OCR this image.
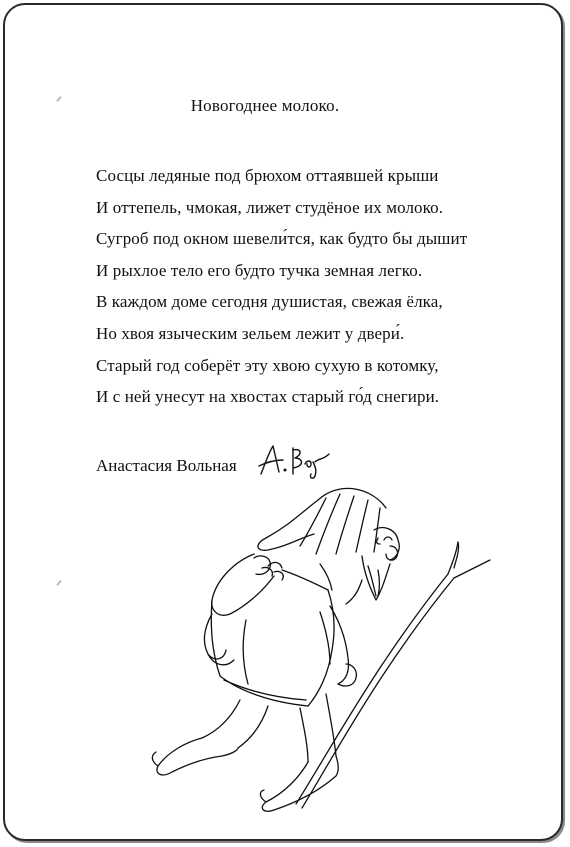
Новогоднее молоко.
Сосцы ледяные под брюхом оттаявшей крыши
И оттепель, чмокая, лижет студёное их молоко.
Сугроб под окном шевели́тся, как будто бы дышит
И рыхлое тело его будто тучка земная легко.
В каждом доме сегодня душистая, свежая ёлка,
Но хвоя языческим зельем лежит у двери́.
Старый год соберёт эту хвою сухую в котомку,
И с ней унесут на хвостах старый го́д снегири.
Анастасия Вольная
